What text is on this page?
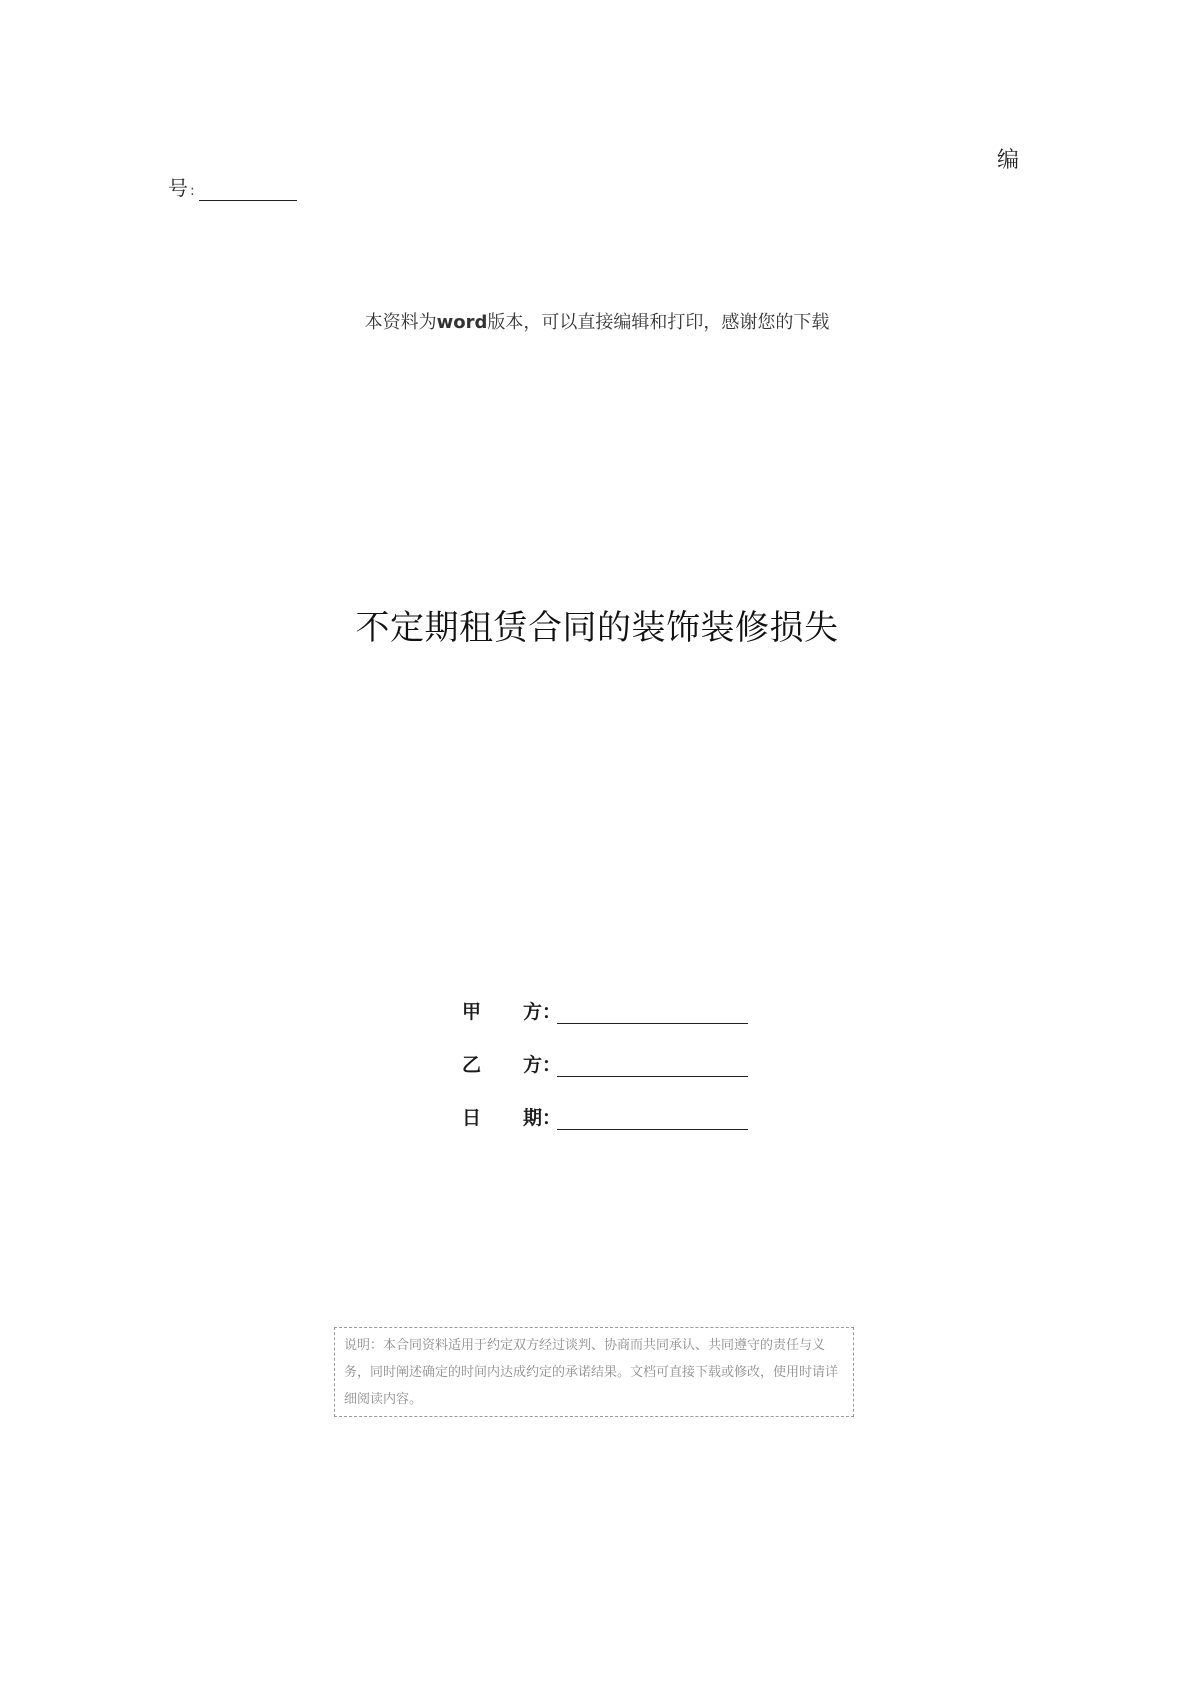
编
号 :
本资料为word版本，可以直接编辑和打印，感谢您的下载
不定期租赁合同的装饰装修损失
甲 方 ：
乙 方 ：
日 期 ：
说明：本合同资料适用于约定双方经过谈判、协商而共同承认、共同遵守的责任与义务，同时阐述确定的时间内达成约定的承诺结果。文档可直接下载或修改，使用时请详细阅读内容。
